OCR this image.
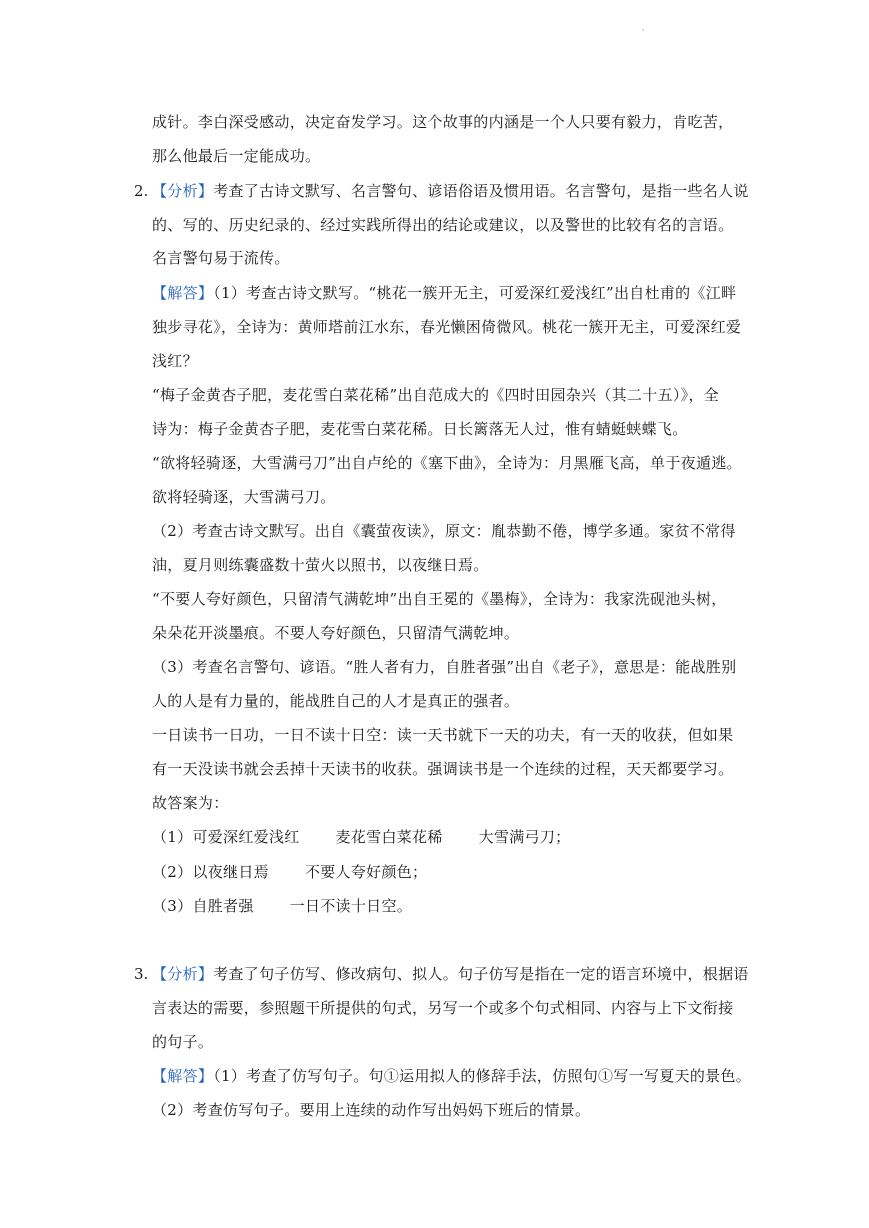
'
成针。李白深受感动，决定奋发学习。这个故事的内涵是一个人只要有毅力，肯吃苦，
那么他最后一定能成功。
2. 【分析】考查了古诗文默写、名言警句、谚语俗语及惯用语。名言警句，是指一些名人说
的、写的、历史纪录的、经过实践所得出的结论或建议，以及警世的比较有名的言语。
名言警句易于流传。
【解答】（1）考查古诗文默写。“桃花一簇开无主，可爱深红爱浅红”出自杜甫的《江畔
独步寻花》，全诗为：黄师塔前江水东，春光懒困倚微风。桃花一簇开无主，可爱深红爱
浅红？
“梅子金黄杏子肥，麦花雪白菜花稀”出自范成大的《四时田园杂兴（其二十五）》，全
诗为：梅子金黄杏子肥，麦花雪白菜花稀。日长篱落无人过，惟有蜻蜓蛱蝶飞。
“欲将轻骑逐，大雪满弓刀”出自卢纶的《塞下曲》，全诗为：月黑雁飞高，单于夜遁逃。
欲将轻骑逐，大雪满弓刀。
（2）考查古诗文默写。出自《囊萤夜读》，原文：胤恭勤不倦，博学多通。家贫不常得
油，夏月则练囊盛数十萤火以照书，以夜继日焉。
“不要人夸好颜色，只留清气满乾坤”出自王冕的《墨梅》，全诗为：我家洗砚池头树，
朵朵花开淡墨痕。不要人夸好颜色，只留清气满乾坤。
（3）考查名言警句、谚语。“胜人者有力，自胜者强”出自《老子》，意思是：能战胜别
人的人是有力量的，能战胜自己的人才是真正的强者。
一日读书一日功，一日不读十日空：读一天书就下一天的功夫，有一天的收获，但如果
有一天没读书就会丢掉十天读书的收获。强调读书是一个连续的过程，天天都要学习。
故答案为：
（1）可爱深红爱浅红 麦花雪白菜花稀 大雪满弓刀；
（2）以夜继日焉 不要人夸好颜色；
（3）自胜者强 一日不读十日空。
3. 【分析】考查了句子仿写、修改病句、拟人。句子仿写是指在一定的语言环境中，根据语
言表达的需要，参照题干所提供的句式，另写一个或多个句式相同、内容与上下文衔接
的句子。
【解答】（1）考查了仿写句子。句①运用拟人的修辞手法，仿照句①写一写夏天的景色。
（2）考查仿写句子。要用上连续的动作写出妈妈下班后的情景。
